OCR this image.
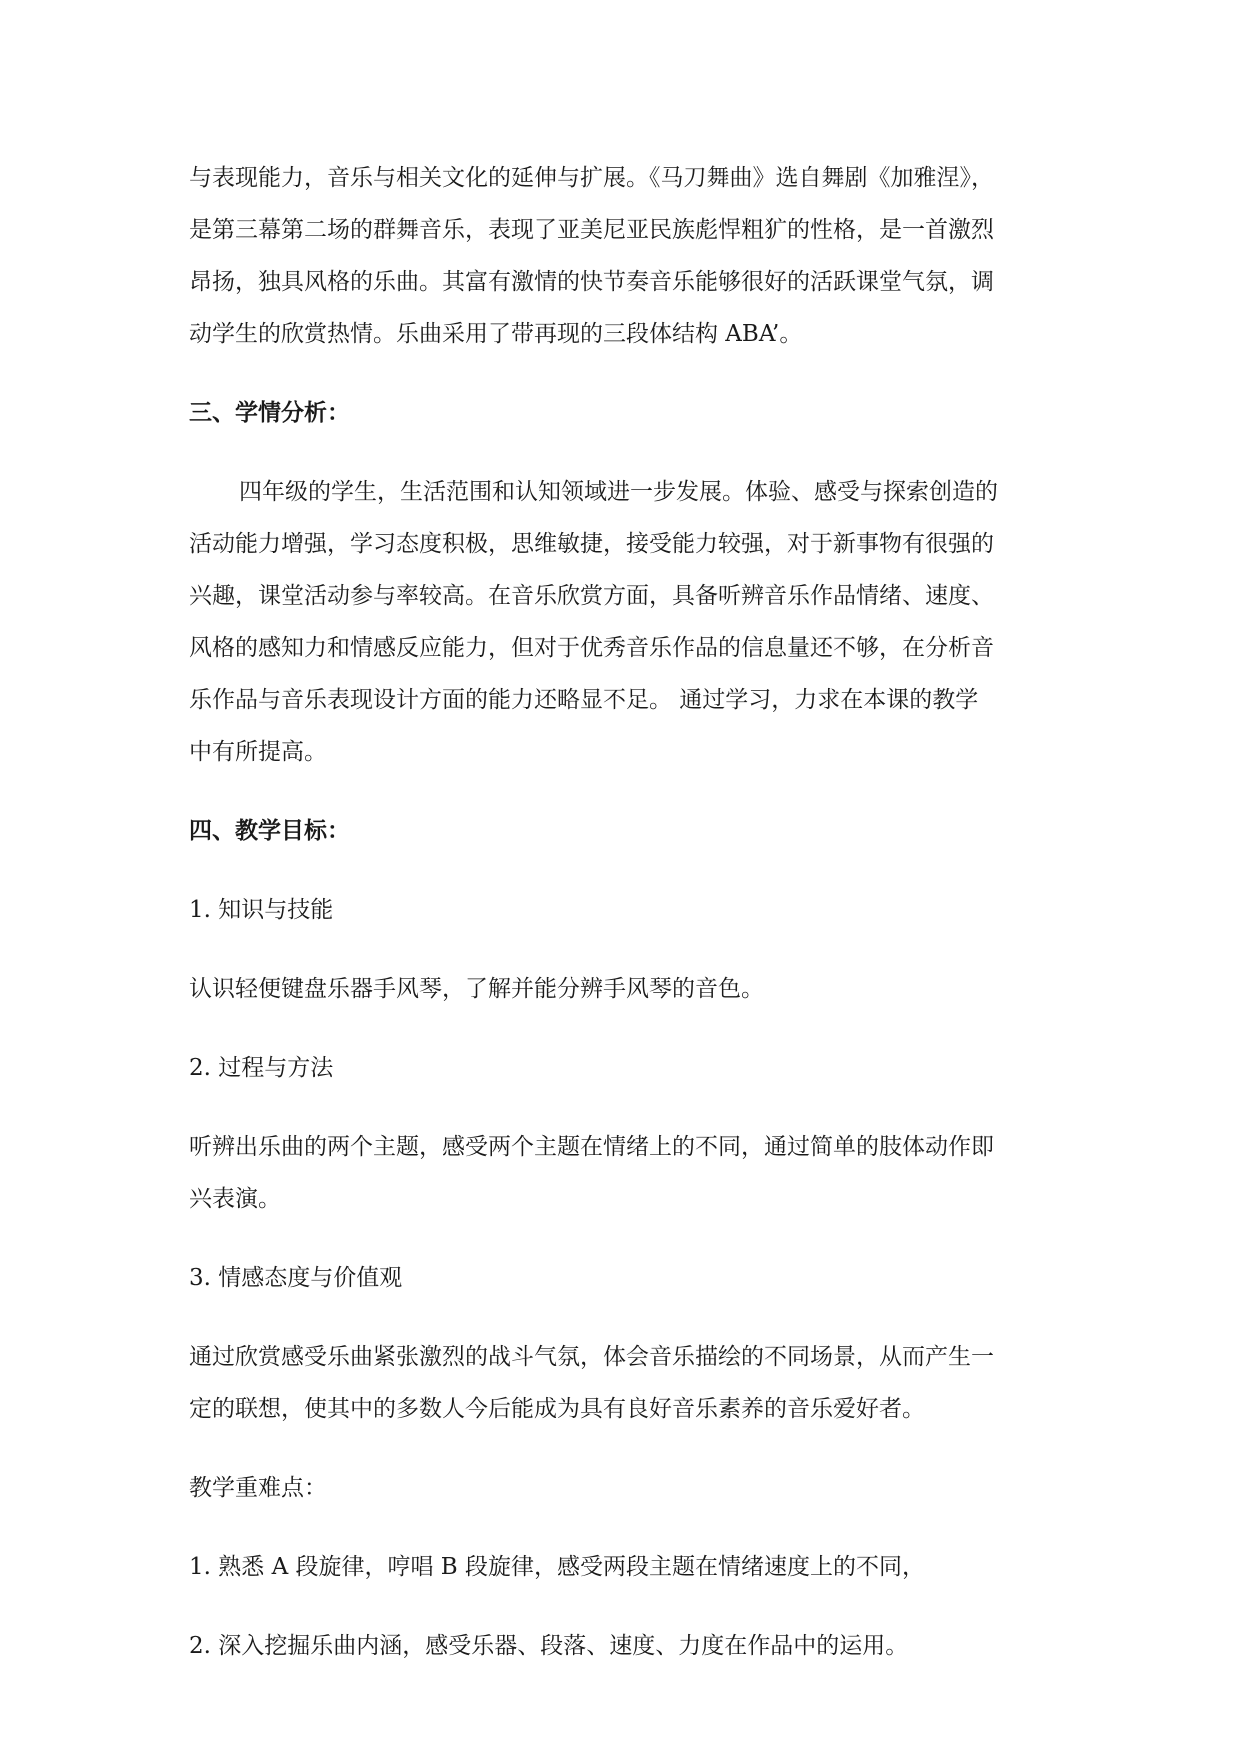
与表现能力，音乐与相关文化的延伸与扩展。《马刀舞曲》选自舞剧《加雅涅》，
是第三幕第二场的群舞音乐，表现了亚美尼亚民族彪悍粗犷的性格，是一首激烈
昂扬，独具风格的乐曲。其富有激情的快节奏音乐能够很好的活跃课堂气氛，调
动学生的欣赏热情。乐曲采用了带再现的三段体结构 ABA’。

三、学情分析：

四年级的学生，生活范围和认知领域进一步发展。体验、感受与探索创造的
活动能力增强，学习态度积极，思维敏捷，接受能力较强，对于新事物有很强的
兴趣，课堂活动参与率较高。在音乐欣赏方面，具备听辨音乐作品情绪、速度、
风格的感知力和情感反应能力，但对于优秀音乐作品的信息量还不够，在分析音
乐作品与音乐表现设计方面的能力还略显不足。 通过学习，力求在本课的教学
中有所提高。

四、教学目标：

1. 知识与技能

认识轻便键盘乐器手风琴，了解并能分辨手风琴的音色。

2. 过程与方法

听辨出乐曲的两个主题，感受两个主题在情绪上的不同，通过简单的肢体动作即
兴表演。

3. 情感态度与价值观

通过欣赏感受乐曲紧张激烈的战斗气氛，体会音乐描绘的不同场景，从而产生一
定的联想，使其中的多数人今后能成为具有良好音乐素养的音乐爱好者。

教学重难点：

1. 熟悉 A 段旋律，哼唱 B 段旋律，感受两段主题在情绪速度上的不同，

2. 深入挖掘乐曲内涵，感受乐器、段落、速度、力度在作品中的运用。
